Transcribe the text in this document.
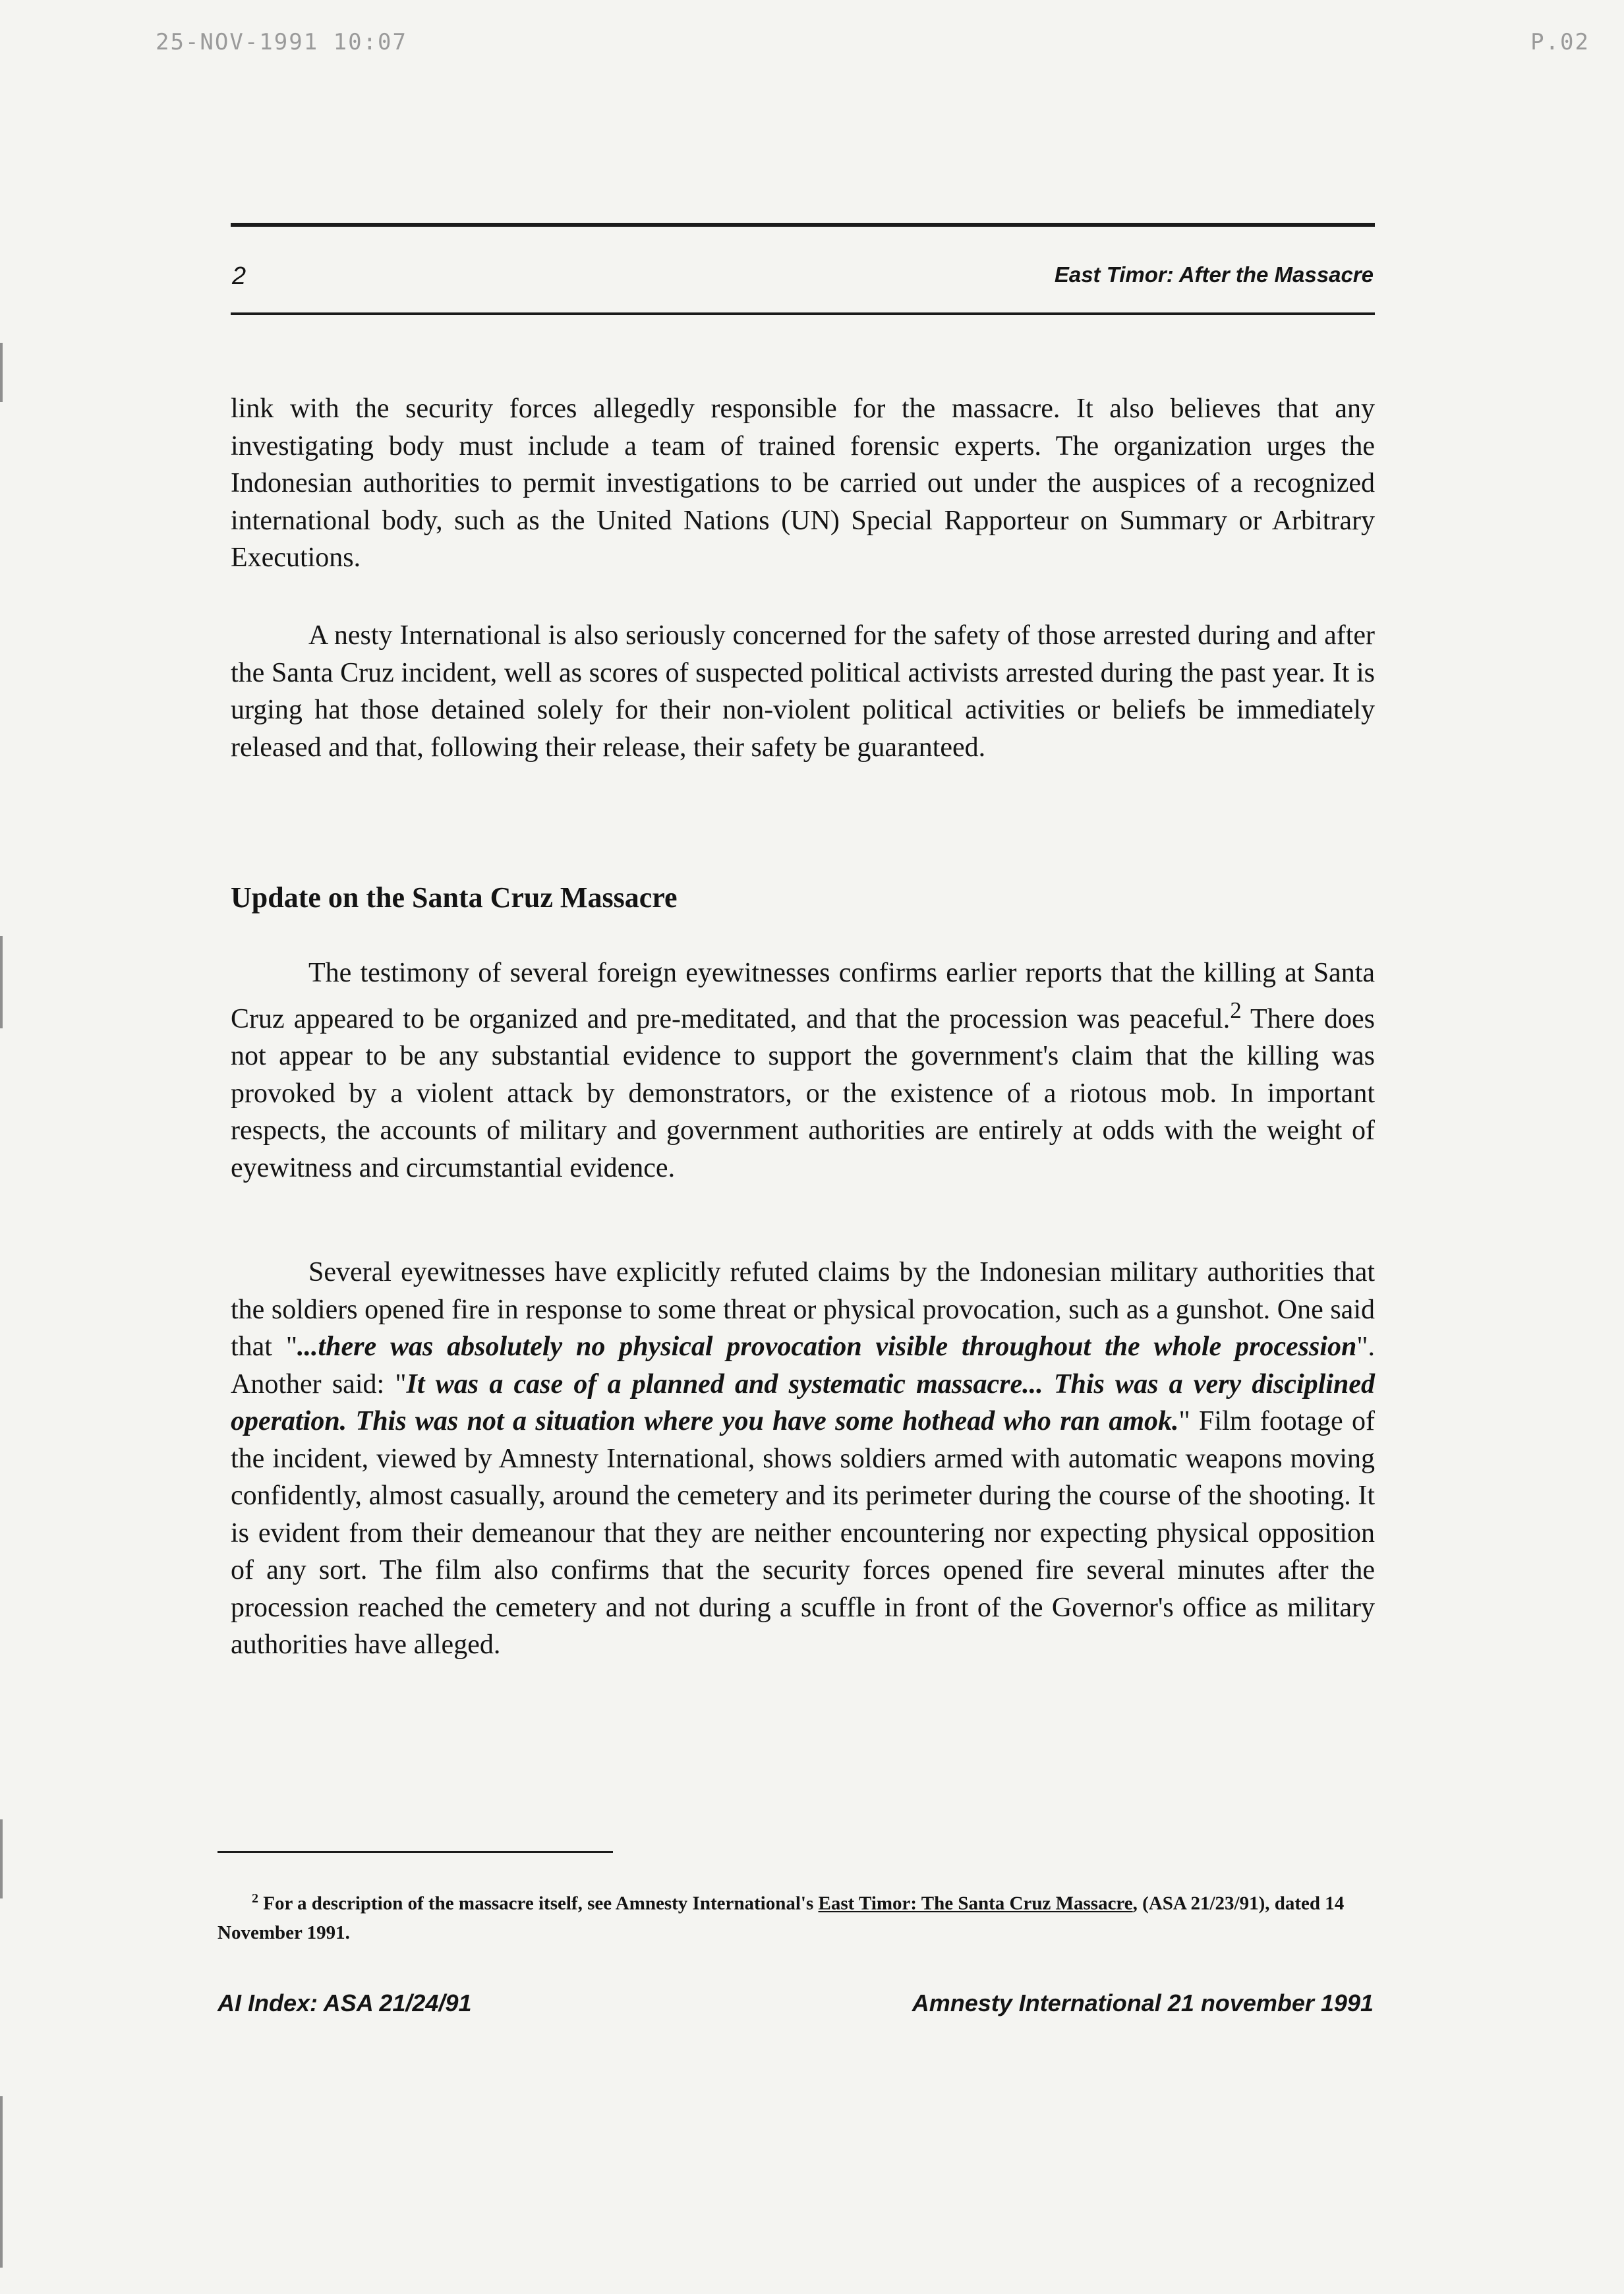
25-NOV-1991 10:07	P.02
2	East Timor: After the Massacre

link with the security forces allegedly responsible for the massacre. It also believes that any investigating body must include a team of trained forensic experts. The organization urges the Indonesian authorities to permit investigations to be carried out under the auspices of a recognized international body, such as the United Nations (UN) Special Rapporteur on Summary or Arbitrary Executions.

A nesty International is also seriously concerned for the safety of those arrested during and after the Santa Cruz incident, well as scores of suspected political activists arrested during the past year. It is urging hat those detained solely for their non-violent political activities or beliefs be immediately released and that, following their release, their safety be guaranteed.

Update on the Santa Cruz Massacre

The testimony of several foreign eyewitnesses confirms earlier reports that the killing at Santa Cruz appeared to be organized and pre-meditated, and that the procession was peaceful.$^2$ There does not appear to be any substantial evidence to support the government's claim that the killing was provoked by a violent attack by demonstrators, or the existence of a riotous mob. In important respects, the accounts of military and government authorities are entirely at odds with the weight of eyewitness and circumstantial evidence.

Several eyewitnesses have explicitly refuted claims by the Indonesian military authorities that the soldiers opened fire in response to some threat or physical provocation, such as a gunshot. One said that "...there was absolutely no physical provocation visible throughout the whole procession". Another said: "It was a case of a planned and systematic massacre... This was a very disciplined operation. This was not a situation where you have some hothead who ran amok." Film footage of the incident, viewed by Amnesty International, shows soldiers armed with automatic weapons moving confidently, almost casually, around the cemetery and its perimeter during the course of the shooting. It is evident from their demeanour that they are neither encountering nor expecting physical opposition of any sort. The film also confirms that the security forces opened fire several minutes after the procession reached the cemetery and not during a scuffle in front of the Governor's office as military authorities have alleged.

$^2$ For a description of the massacre itself, see Amnesty International's East Timor: The Santa Cruz Massacre, (ASA 21/23/91), dated 14 November 1991.

AI Index: ASA 21/24/91	Amnesty International 21 november 1991
